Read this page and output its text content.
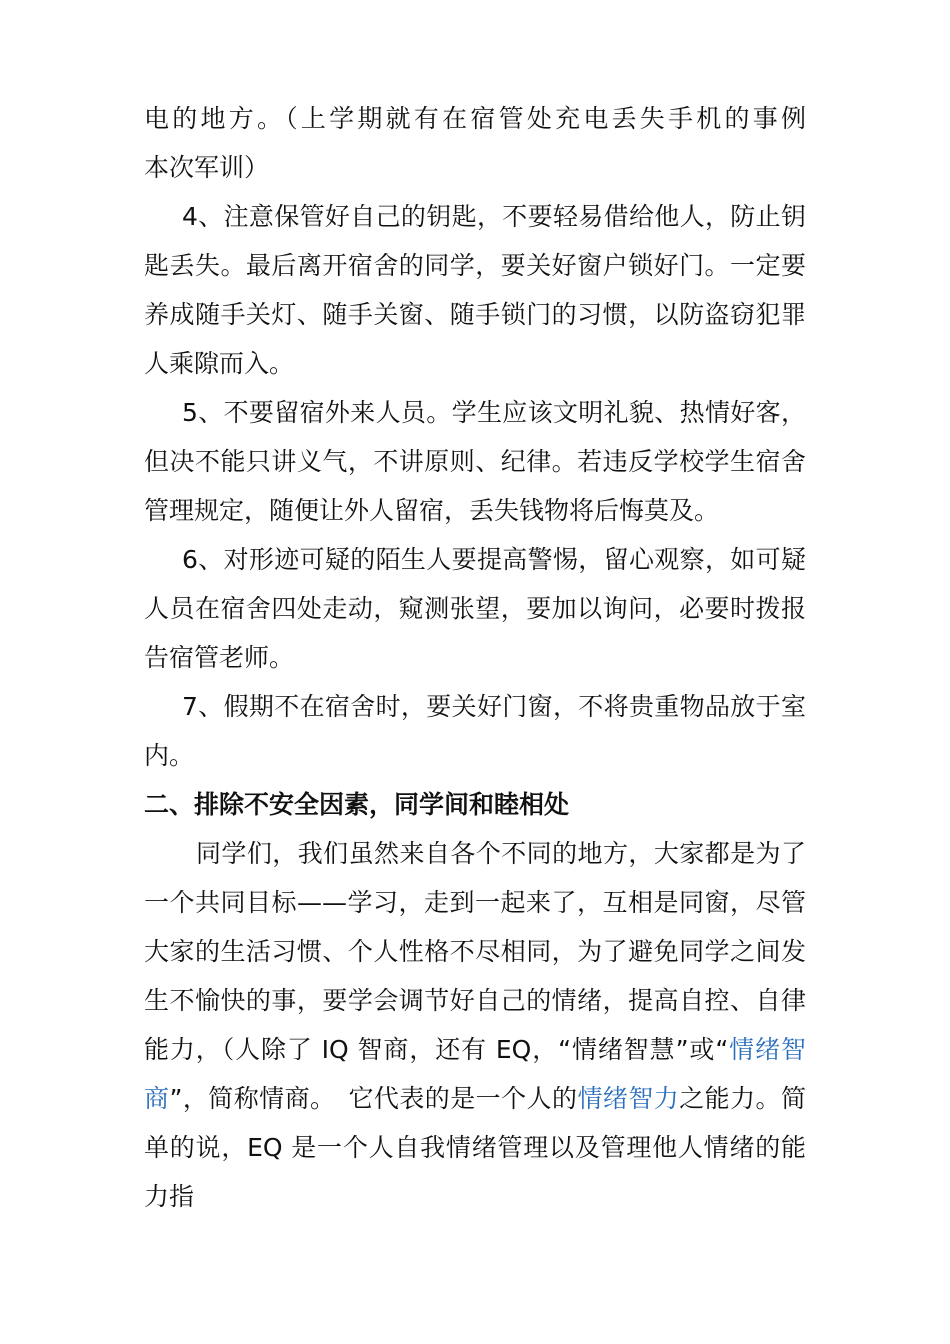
电的地方。（上学期就有在宿管处充电丢失手机的事例　　本次军训）

4、注意保管好自己的钥匙，不要轻易借给他人，防止钥匙丢失。最后离开宿舍的同学，要关好窗户锁好门。一定要养成随手关灯、随手关窗、随手锁门的习惯，以防盗窃犯罪人乘隙而入。

5、不要留宿外来人员。学生应该文明礼貌、热情好客，但决不能只讲义气，不讲原则、纪律。若违反学校学生宿舍管理规定，随便让外人留宿，丢失钱物将后悔莫及。

6、对形迹可疑的陌生人要提高警惕，留心观察，如可疑人员在宿舍四处走动，窥测张望，要加以询问，必要时拨报告宿管老师。

7、假期不在宿舍时，要关好门窗，不将贵重物品放于室内。

二、排除不安全因素，同学间和睦相处

同学们，我们虽然来自各个不同的地方，大家都是为了一个共同目标——学习，走到一起来了，互相是同窗，尽管大家的生活习惯、个人性格不尽相同，为了避免同学之间发生不愉快的事，要学会调节好自己的情绪，提高自控、自律能力，（人除了 IQ 智商，还有 EQ，“情绪智慧”或“情绪智商”，简称情商。　它代表的是一个人的情绪智力之能力。简单的说，EQ 是一个人自我情绪管理以及管理他人情绪的能力指
